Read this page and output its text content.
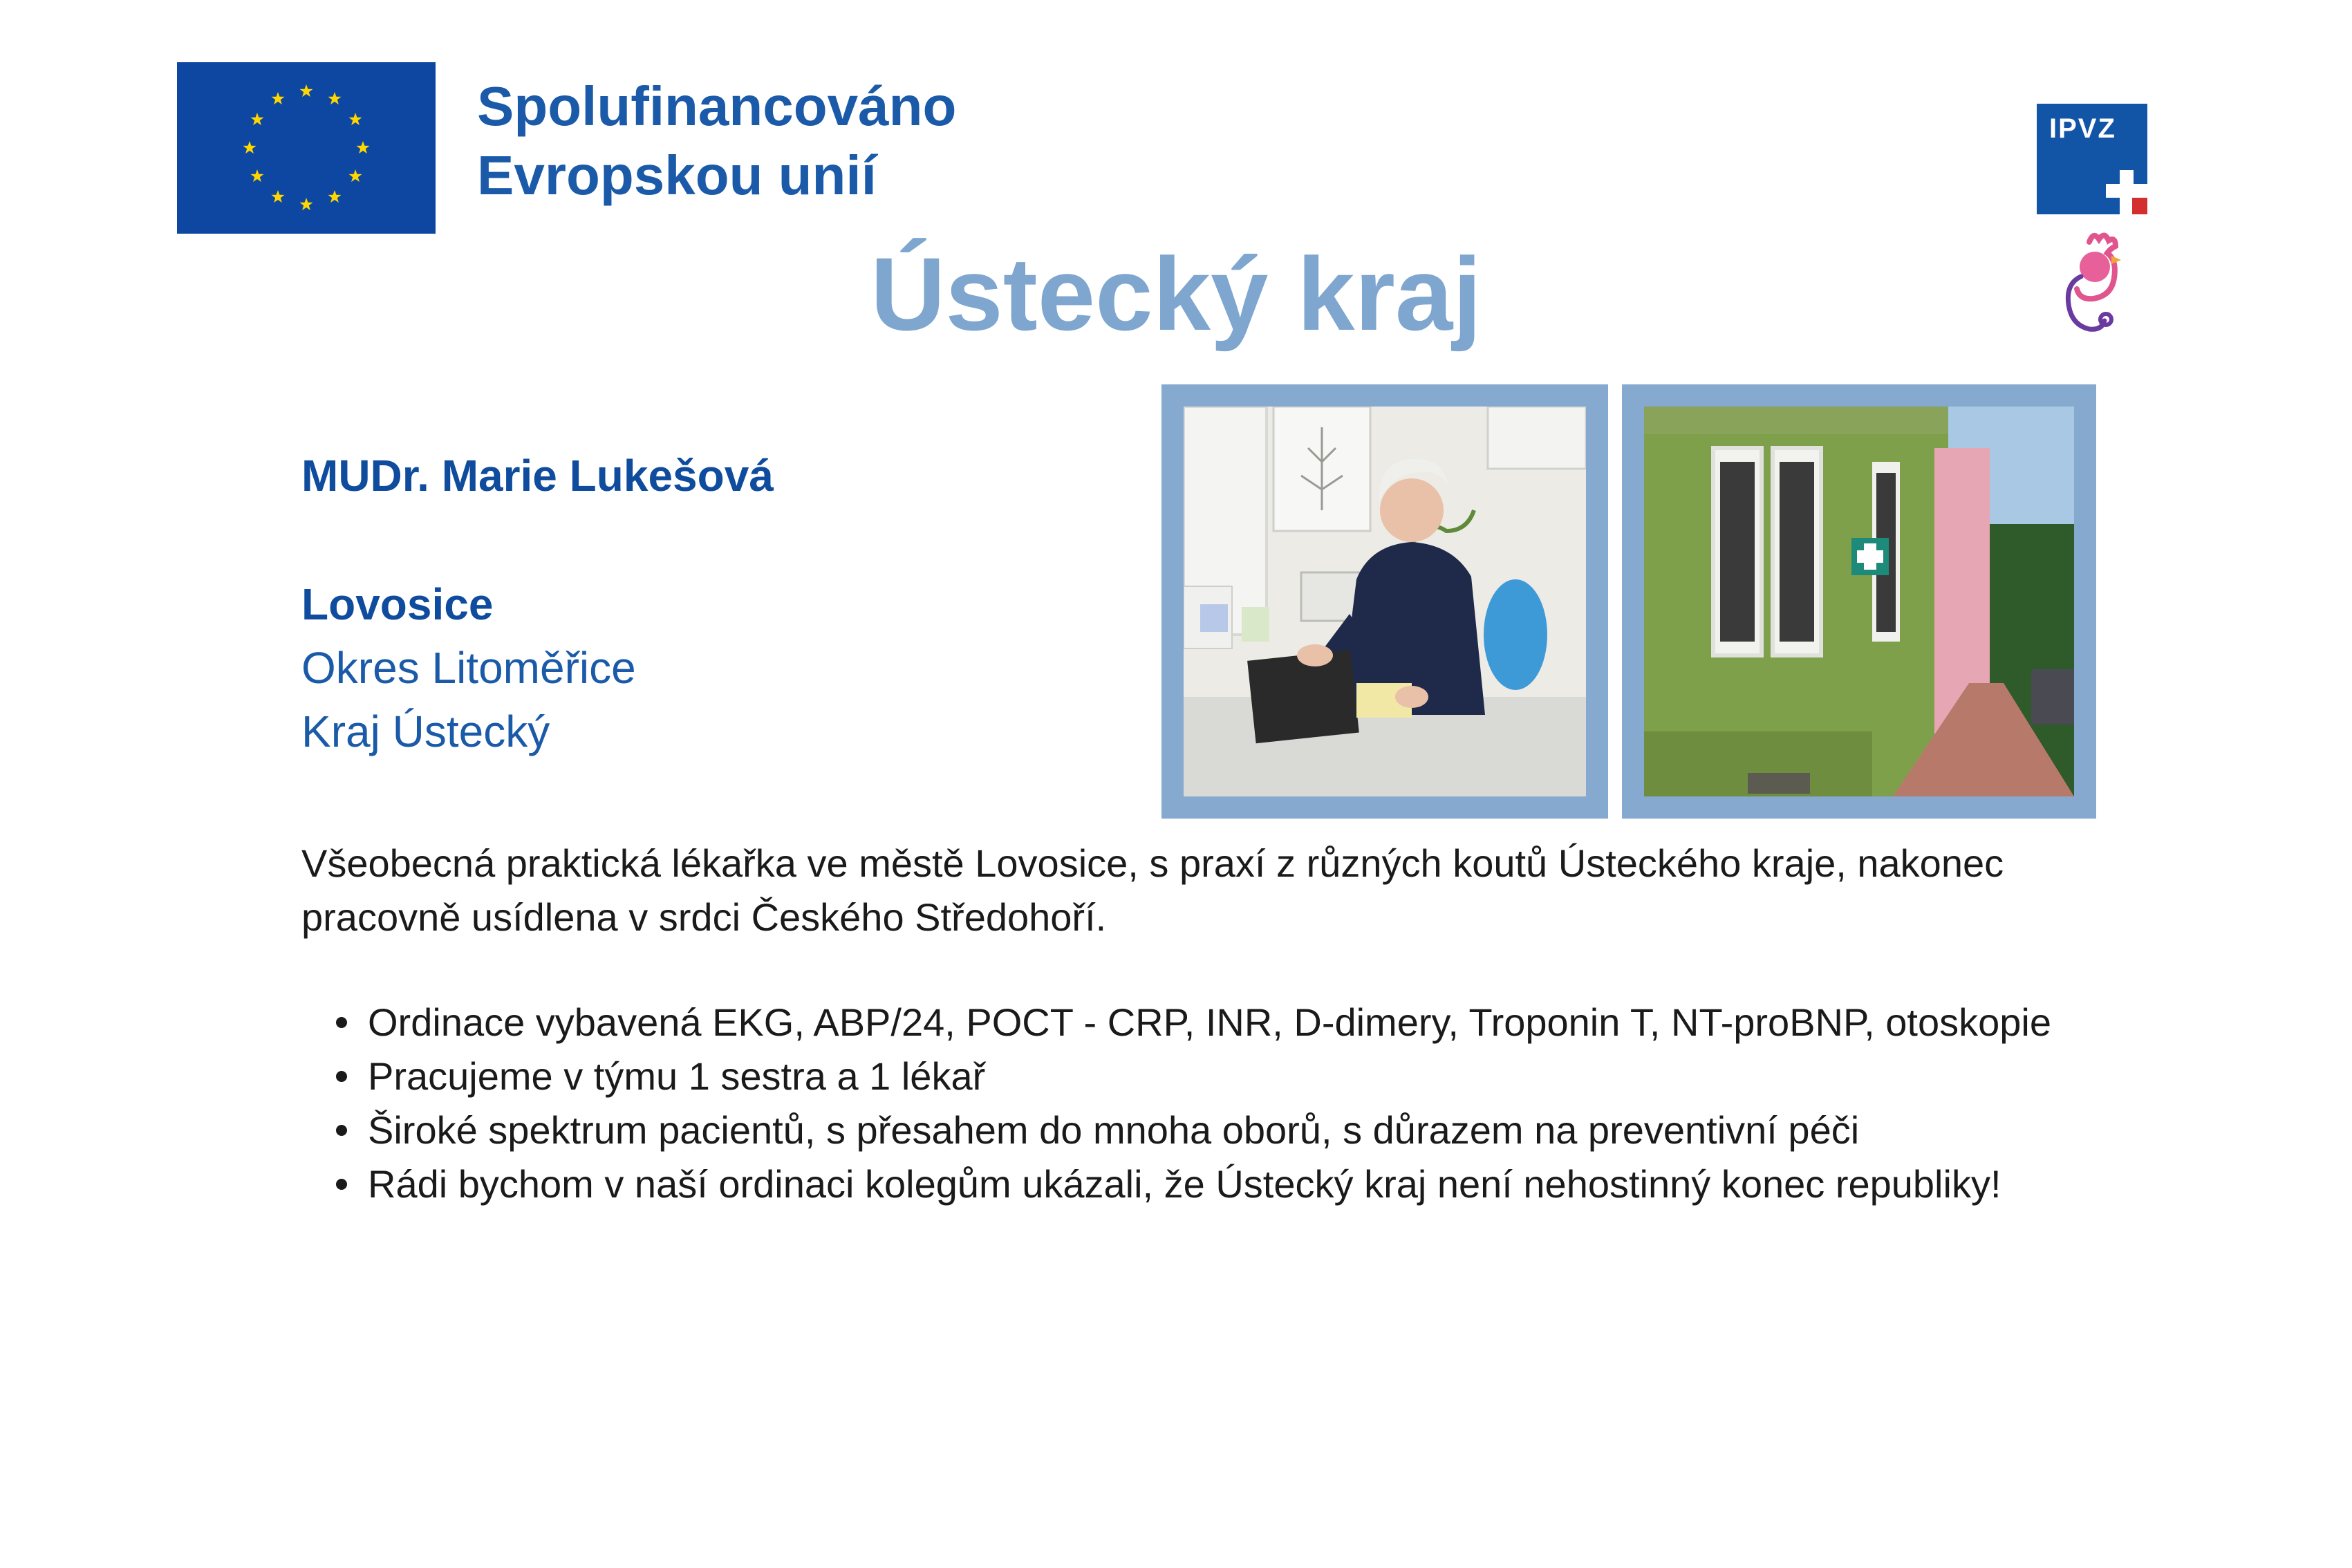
Spolufinancováno
Evropskou unií
IPVZ
Ústecký kraj
MUDr. Marie Lukešová
Lovosice
Okres Litoměřice
Kraj Ústecký

Všeobecná praktická lékařka ve městě Lovosice, s praxí z různých koutů Ústeckého kraje, nakonec pracovně usídlena v srdci Českého Středohoří.

Ordinace vybavená EKG, ABP/24, POCT - CRP, INR, D-dimery, Troponin T, NT-proBNP, otoskopie
Pracujeme v týmu 1 sestra a 1 lékař
Široké spektrum pacientů, s přesahem do mnoha oborů, s důrazem na preventivní péči
Rádi bychom v naší ordinaci kolegům ukázali, že Ústecký kraj není nehostinný konec republiky!
